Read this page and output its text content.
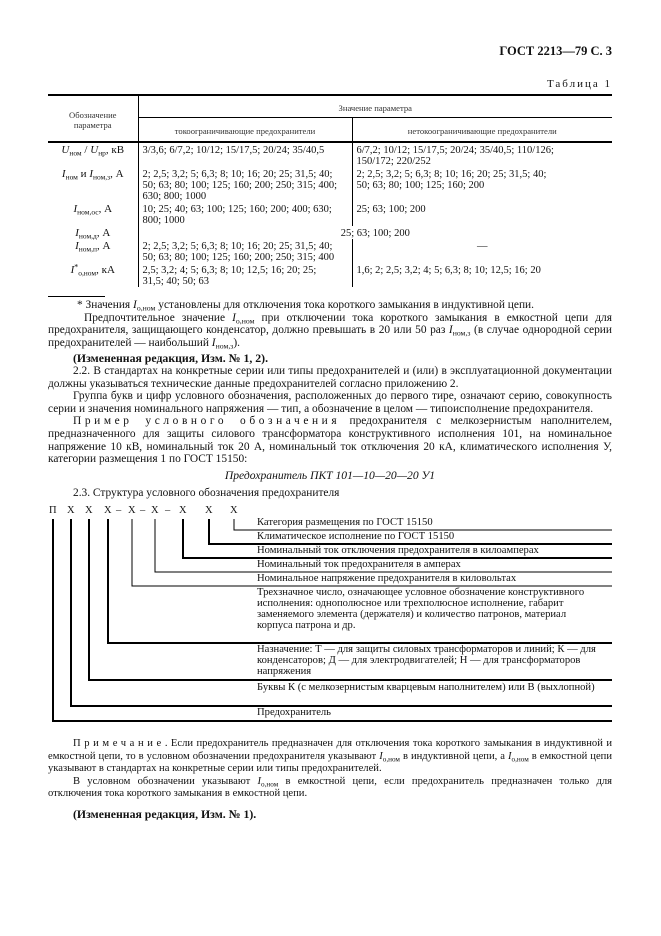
ГОСТ 2213—79 С. 3
Таблица 1
Обозначение параметра	Значение параметра	
	токоограничивающие предохранители	нетокоограничивающие предохранители
$U_{ном} / U_{нр}$, кВ	3/3,6; 6/7,2; 10/12; 15/17,5; 20/24; 35/40,5	6/7,2; 10/12; 15/17,5; 20/24; 35/40,5; 110/126;
150/172; 220/252
$I_{ном}$ и $I_{ном,з}$, А	2; 2,5; 3,2; 5; 6,3; 8; 10; 16; 20; 25; 31,5; 40;
50; 63; 80; 100; 125; 160; 200; 250; 315; 400;
630; 800; 1000	2; 2,5; 3,2; 5; 6,3; 8; 10; 16; 20; 25; 31,5; 40;
50; 63; 80; 100; 125; 160; 200
$I_{ном,ос}$, А	10; 25; 40; 63; 100; 125; 160; 200; 400; 630;
800; 1000	25; 63; 100; 200
$I_{ном,д}$, А	25; 63; 100; 200	
$I_{ном,п}$, А	2; 2,5; 3,2; 5; 6,3; 8; 10; 16; 20; 25; 31,5; 40;
50; 63; 80; 100; 125; 160; 200; 250; 315; 400	—
$I^*_{о,ном}$, кА	2,5; 3,2; 4; 5; 6,3; 8; 10; 12,5; 16; 20; 25;
31,5; 40; 50; 63	1,6; 2; 2,5; 3,2; 4; 5; 6,3; 8; 10; 12,5; 16; 20
* Значения $I_{о,ном}$ установлены для отключения тока короткого замыкания в индуктивной цепи.
Предпочтительное значение $I_{о,ном}$ при отключении тока короткого замыкания в емкостной цепи для предохранителя, защищающего конденсатор, должно превышать в 20 или 50 раз $I_{ном,з}$ (в случае однородной серии предохранителей — наибольший $I_{ном,з}$).
(Измененная редакция, Изм. № 1, 2).
2.2. В стандартах на конкретные серии или типы предохранителей и (или) в эксплуатационной документации должны указываться технические данные предохранителей согласно приложению 2.
Группа букв и цифр условного обозначения, расположенных до первого тире, означают серию, совокупность серии и значения номинального напряжения — тип, а обозначение в целом — типоисполнение предохранителя.
Пример условного обозначения предохранителя с мелкозернистым наполнителем, предназначенного для защиты силового трансформатора конструктивного исполнения 101, на номинальное напряжение 10 кВ, номинальный ток 20 А, номинальный ток отключения 20 кА, климатического исполнения У, категории размещения 1 по ГОСТ 15150:
Предохранитель ПКТ 101—10—20—20 У1
2.3. Структура условного обозначения предохранителя
П X X X – X – X – X X X
Категория размещения по ГОСТ 15150
Климатическое исполнение по ГОСТ 15150
Номинальный ток отключения предохранителя в килоамперах
Номинальный ток предохранителя в амперах
Номинальное напряжение предохранителя в киловольтах
Трехзначное число, означающее условное обозначение конструктивного исполнения: однополюсное или трехполюсное исполнение, габарит заменяемого элемента (держателя) и количество патронов, материал корпуса патрона и др.
Назначение: Т — для защиты силовых трансформаторов и линий; К — для конденсаторов; Д — для электродвигателей; Н — для трансформаторов напряжения
Буквы К (с мелкозернистым кварцевым наполнителем) или В (выхлопной)
Предохранитель
Примечание. Если предохранитель предназначен для отключения тока короткого замыкания в индуктивной и емкостной цепи, то в условном обозначении предохранителя указывают $I_{о,ном}$ в индуктивной цепи, а $I_{о,ном}$ в емкостной цепи указывают в стандартах на конкретные серии или типы предохранителей.
В условном обозначении указывают $I_{о,ном}$ в емкостной цепи, если предохранитель предназначен только для отключения тока короткого замыкания в емкостной цепи.
(Измененная редакция, Изм. № 1).
